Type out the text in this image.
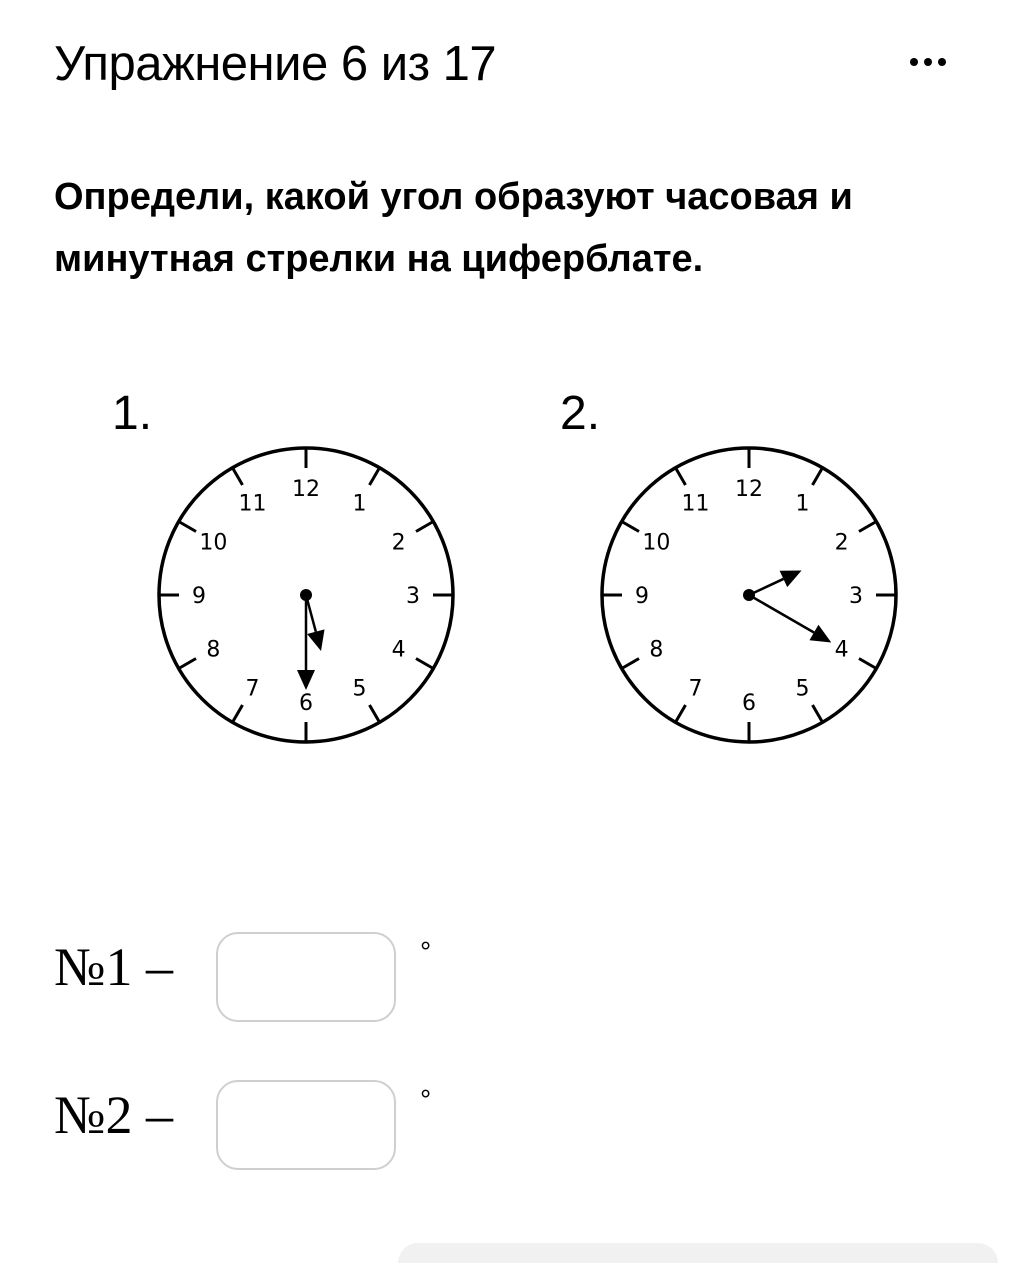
Упражнение 6 из 17
Определи, какой угол образуют часовая и минутная стрелки на циферблате.
1.	2.
12
1
2
3
4
5
6
7
8
9
10
11
12
1
2
3
4
5
6
7
8
9
10
11
№1 –	°
№2 –	°
